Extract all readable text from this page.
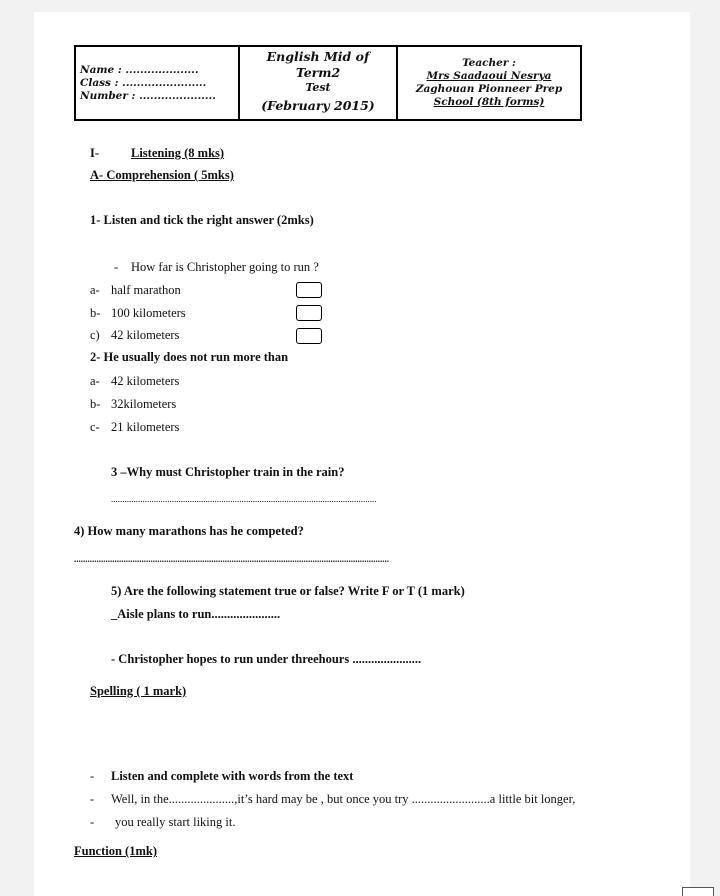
Name : ....................
Class : .......................
Number : .....................

English Mid of Term2
Test
(February 2015)

Teacher :
Mrs Saadaoui Nesrya
Zaghouan Pionneer Prep
School (8th forms)
I-	Listening (8 mks)
A- Comprehension ( 5mks)
1- Listen and tick the right answer (2mks)
- How far is Christopher going to run ?
a- half marathon
b- 100 kilometers
c) 42 kilometers
2- He usually does not run more than
a- 42 kilometers
b- 32kilometers
c- 21 kilometers
3 –Why must Christopher train in the rain?
......................................................................................................................
4) How many marathons has he competed?
............................................................................................................................................
5) Are the following statement true or false? Write F or T (1 mark)
_Aisle plans to run......................
- Christopher hopes to run under threehours ......................
Spelling ( 1 mark)
- Listen and complete with words from the text
- Well, in the.....................,it’s hard may be , but once you try .........................a little bit longer,
- you really start liking it.
Function (1mk)
